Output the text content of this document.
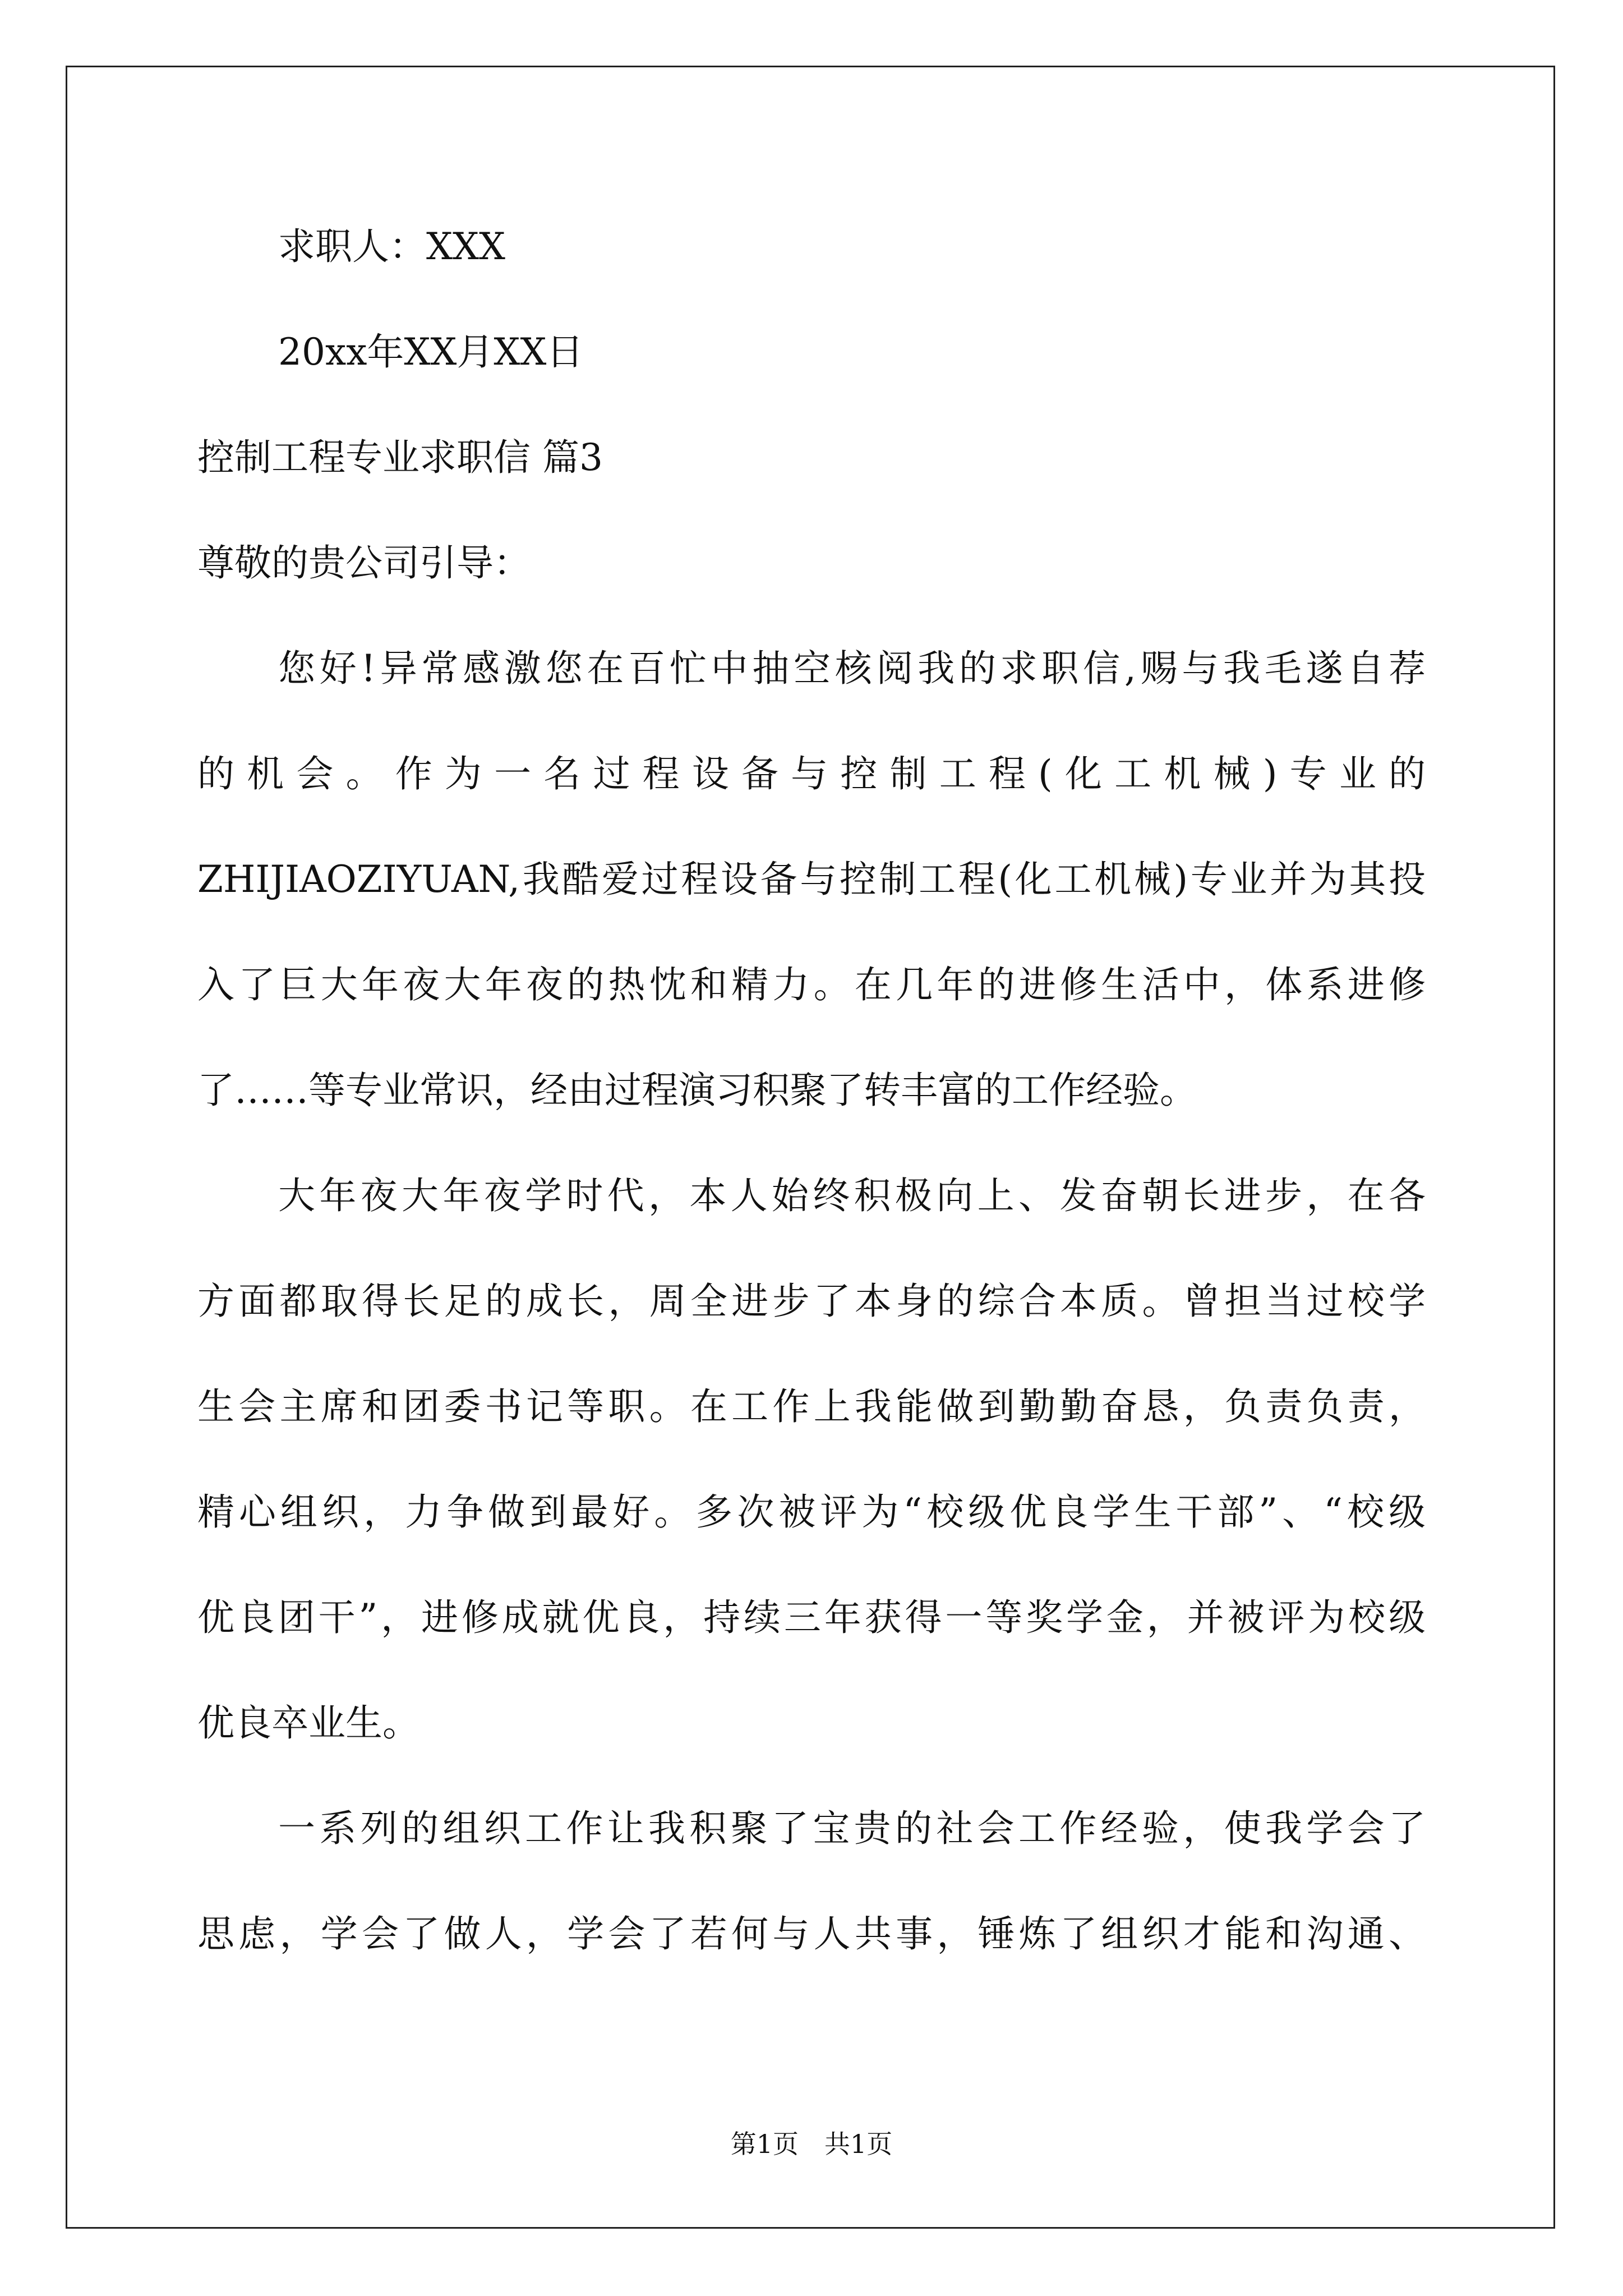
求职人：XXX
20xx年XX月XX日
控制工程专业求职信 篇3
尊敬的贵公司引导：
您好!异常感激您在百忙中抽空核阅我的求职信,赐与我毛遂自荐
的机会。作为一名过程设备与控制工程(化工机械)专业的
ZHIJIAOZIYUAN,我酷爱过程设备与控制工程(化工机械)专业并为其投
入了巨大年夜大年夜的热忱和精力。在几年的进修生活中，体系进修
了……等专业常识，经由过程演习积聚了转丰富的工作经验。
大年夜大年夜学时代，本人始终积极向上、发奋朝长进步，在各
方面都取得长足的成长，周全进步了本身的综合本质。曾担当过校学
生会主席和团委书记等职。在工作上我能做到勤勤奋恳，负责负责，
精心组织，力争做到最好。多次被评为“校级优良学生干部”、“校级
优良团干”，进修成就优良，持续三年获得一等奖学金，并被评为校级
优良卒业生。
一系列的组织工作让我积聚了宝贵的社会工作经验，使我学会了
思虑，学会了做人，学会了若何与人共事，锤炼了组织才能和沟通、
第1页　共1页
